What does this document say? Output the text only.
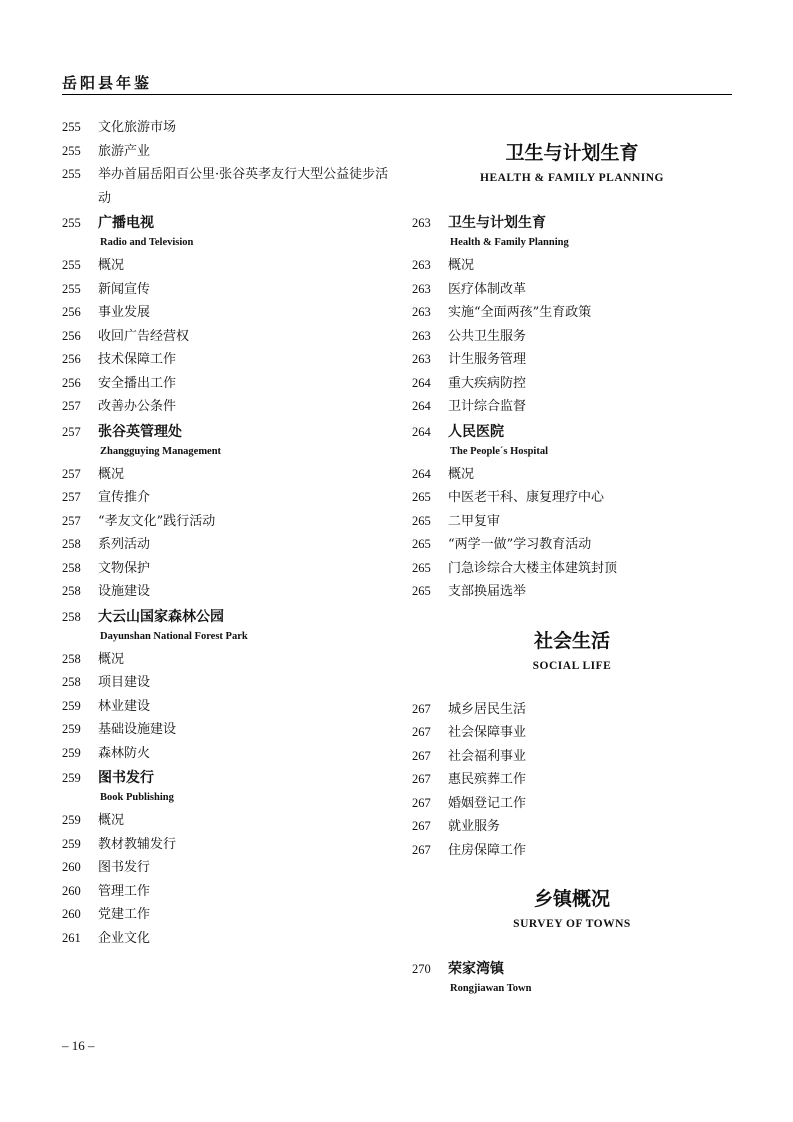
岳阳县年鉴
255	文化旅游市场
255	旅游产业
255	举办首届岳阳百公里·张谷英孝友行大型公益徒步活动
255	广播电视
Radio and Television
255	概况
255	新闻宣传
256	事业发展
256	收回广告经营权
256	技术保障工作
256	安全播出工作
257	改善办公条件
257	张谷英管理处
Zhangguying Management
257	概况
257	宣传推介
257	“孝友文化”践行活动
258	系列活动
258	文物保护
258	设施建设
258	大云山国家森林公园
Dayunshan National Forest Park
258	概况
258	项目建设
259	林业建设
259	基础设施建设
259	森林防火
259	图书发行
Book Publishing
259	概况
259	教材教辅发行
260	图书发行
260	管理工作
260	党建工作
261	企业文化
卫生与计划生育
HEALTH & FAMILY PLANNING
263	卫生与计划生育
Health & Family Planning
263	概况
263	医疗体制改革
263	实施“全面两孩”生育政策
263	公共卫生服务
263	计生服务管理
264	重大疾病防控
264	卫计综合监督
264	人民医院
The People´s Hospital
264	概况
265	中医老干科、康复理疗中心
265	二甲复审
265	“两学一做”学习教育活动
265	门急诊综合大楼主体建筑封顶
265	支部换届选举
社会生活
SOCIAL LIFE
267	城乡居民生活
267	社会保障事业
267	社会福利事业
267	惠民殡葬工作
267	婚姻登记工作
267	就业服务
267	住房保障工作
乡镇概况
SURVEY OF TOWNS
270	荣家湾镇
Rongjiawan Town
– 16 –
